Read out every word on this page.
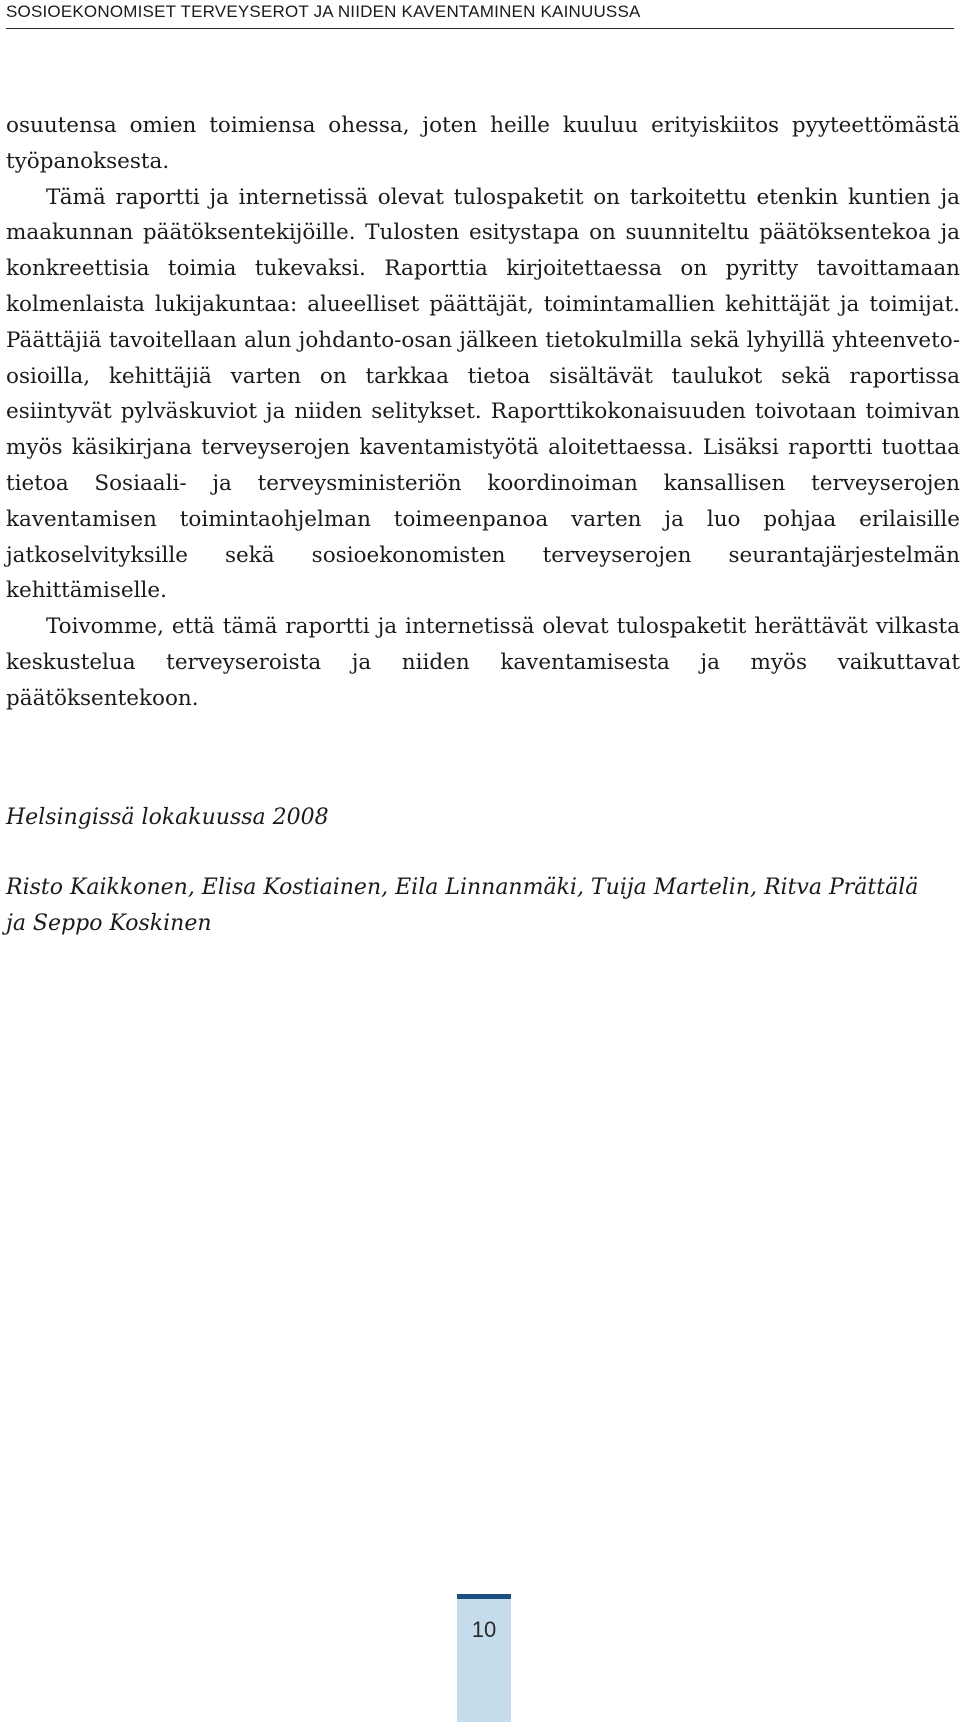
SOSIOEKONOMISET TERVEYSEROT JA NIIDEN KAVENTAMINEN KAINUUSSA

osuutensa omien toimiensa ohessa, joten heille kuuluu erityiskiitos pyyteettömästä työpanoksesta.

Tämä raportti ja internetissä olevat tulospaketit on tarkoitettu etenkin kuntien ja maakunnan päätöksentekijöille. Tulosten esitystapa on suunniteltu päätöksentekoa ja konkreettisia toimia tukevaksi. Raporttia kirjoitettaessa on pyritty tavoittamaan kolmenlaista lukijakuntaa: alueelliset päättäjät, toimintamallien kehittäjät ja toimijat. Päättäjiä tavoitellaan alun johdanto-osan jälkeen tietokulmilla sekä lyhyillä yhteenveto-osioilla, kehittäjiä varten on tarkkaa tietoa sisältävät taulukot sekä raportissa esiintyvät pylväskuviot ja niiden selitykset. Raporttikokonaisuuden toivotaan toimivan myös käsikirjana terveyserojen kaventamistyötä aloitettaessa. Lisäksi raportti tuottaa tietoa Sosiaali- ja terveysministeriön koordinoiman kansallisen terveyserojen kaventamisen toimintaohjelman toimeenpanoa varten ja luo pohjaa erilaisille jatkoselvityksille sekä sosioekonomisten terveyserojen seurantajärjestelmän kehittämiselle.

Toivomme, että tämä raportti ja internetissä olevat tulospaketit herättävät vilkasta keskustelua terveyseroista ja niiden kaventamisesta ja myös vaikuttavat päätöksentekoon.

Helsingissä lokakuussa 2008
Risto Kaikkonen, Elisa Kostiainen, Eila Linnanmäki, Tuija Martelin, Ritva Prättälä ja Seppo Koskinen
10
